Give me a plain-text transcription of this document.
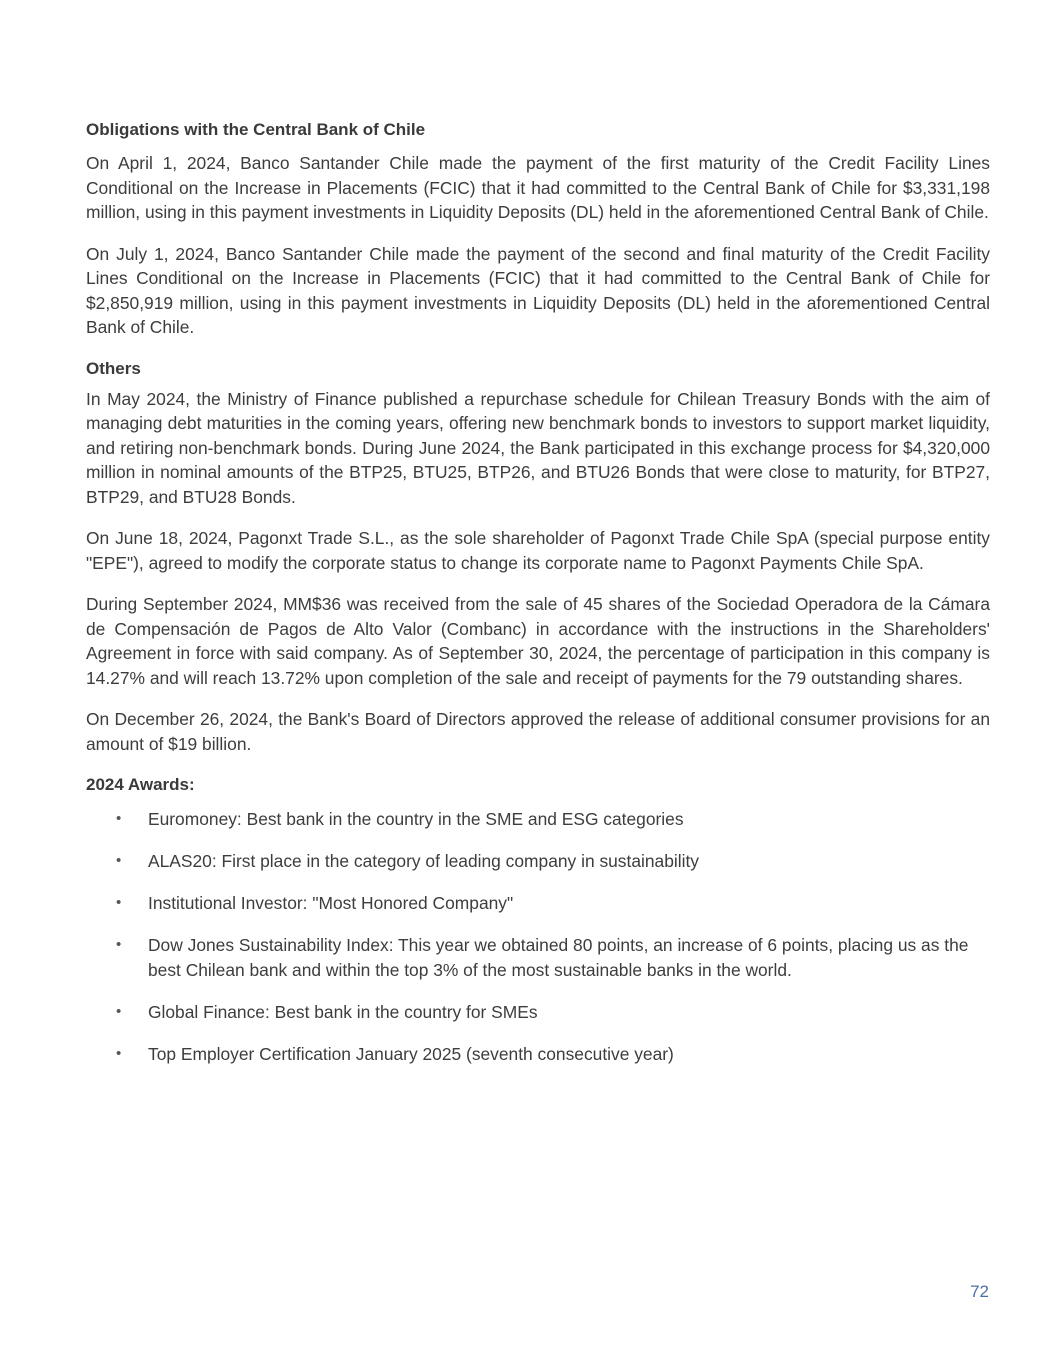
Obligations with the Central Bank of Chile

On April 1, 2024, Banco Santander Chile made the payment of the first maturity of the Credit Facility Lines Conditional on the Increase in Placements (FCIC) that it had committed to the Central Bank of Chile for $3,331,198 million, using in this payment investments in Liquidity Deposits (DL) held in the aforementioned Central Bank of Chile.

On July 1, 2024, Banco Santander Chile made the payment of the second and final maturity of the Credit Facility Lines Conditional on the Increase in Placements (FCIC) that it had committed to the Central Bank of Chile for $2,850,919 million, using in this payment investments in Liquidity Deposits (DL) held in the aforementioned Central Bank of Chile.

Others

In May 2024, the Ministry of Finance published a repurchase schedule for Chilean Treasury Bonds with the aim of managing debt maturities in the coming years, offering new benchmark bonds to investors to support market liquidity, and retiring non-benchmark bonds. During June 2024, the Bank participated in this exchange process for $4,320,000 million in nominal amounts of the BTP25, BTU25, BTP26, and BTU26 Bonds that were close to maturity, for BTP27, BTP29, and BTU28 Bonds.

On June 18, 2024, Pagonxt Trade S.L., as the sole shareholder of Pagonxt Trade Chile SpA (special purpose entity "EPE"), agreed to modify the corporate status to change its corporate name to Pagonxt Payments Chile SpA.

During September 2024, MM$36 was received from the sale of 45 shares of the Sociedad Operadora de la Cámara de Compensación de Pagos de Alto Valor (Combanc) in accordance with the instructions in the Shareholders' Agreement in force with said company. As of September 30, 2024, the percentage of participation in this company is 14.27% and will reach 13.72% upon completion of the sale and receipt of payments for the 79 outstanding shares.

On December 26, 2024, the Bank's Board of Directors approved the release of additional consumer provisions for an amount of $19 billion.

2024 Awards:
• Euromoney: Best bank in the country in the SME and ESG categories
• ALAS20: First place in the category of leading company in sustainability
• Institutional Investor: "Most Honored Company"
• Dow Jones Sustainability Index: This year we obtained 80 points, an increase of 6 points, placing us as the best Chilean bank and within the top 3% of the most sustainable banks in the world.
• Global Finance: Best bank in the country for SMEs
• Top Employer Certification January 2025 (seventh consecutive year)
72
